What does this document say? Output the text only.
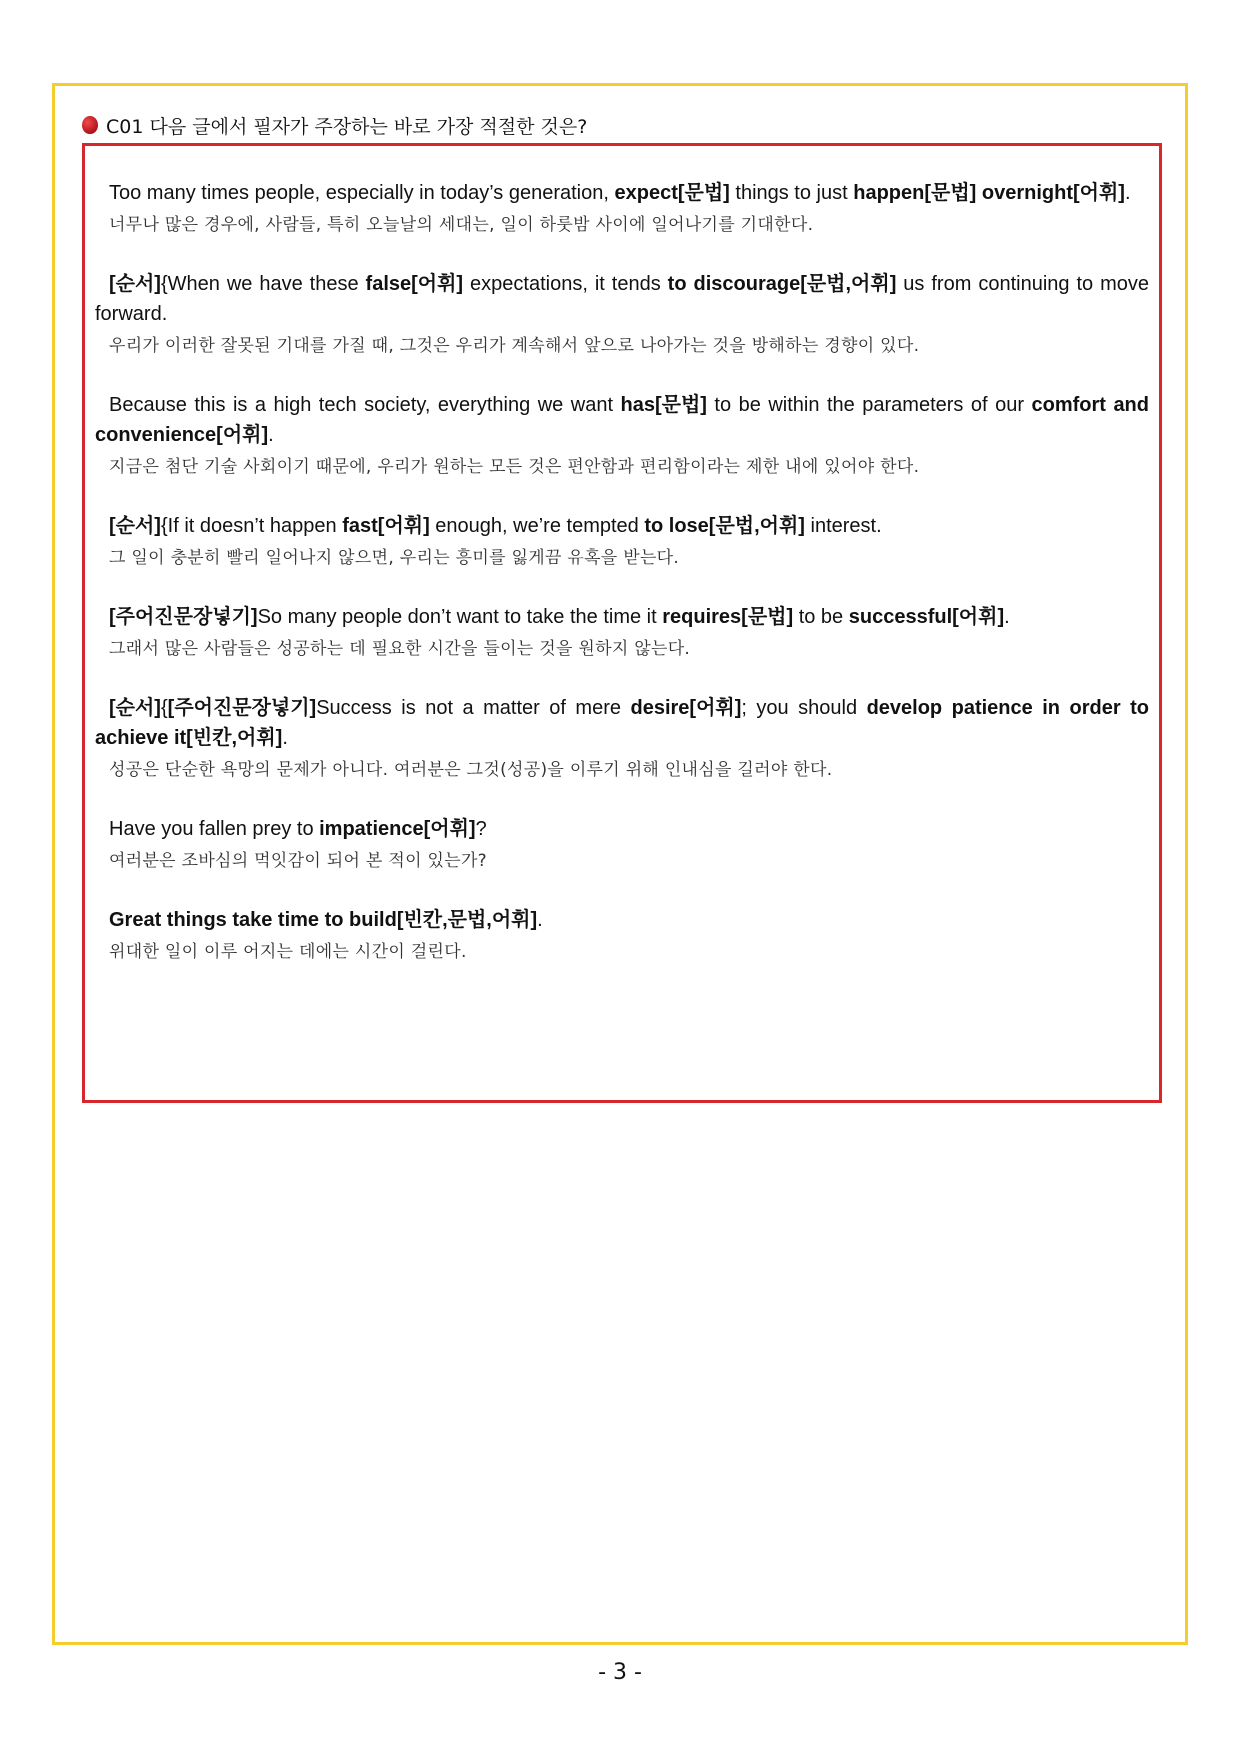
C01 다음 글에서 필자가 주장하는 바로 가장 적절한 것은?

Too many times people, especially in today’s generation, expect[문법] things to just happen[문법] overnight[어휘].

너무나 많은 경우에, 사람들, 특히 오늘날의 세대는, 일이 하룻밤 사이에 일어나기를 기대한다.

[순서]{When we have these false[어휘] expectations, it tends to discourage[문법,어휘] us from continuing to move forward.

우리가 이러한 잘못된 기대를 가질 때, 그것은 우리가 계속해서 앞으로 나아가는 것을 방해하는 경향이 있다.

Because this is a high tech society, everything we want has[문법] to be within the parameters of our comfort and convenience[어휘].

지금은 첨단 기술 사회이기 때문에, 우리가 원하는 모든 것은 편안함과 편리함이라는 제한 내에 있어야 한다.

[순서]{If it doesn’t happen fast[어휘] enough, we’re tempted to lose[문법,어휘] interest.

그 일이 충분히 빨리 일어나지 않으면, 우리는 흥미를 잃게끔 유혹을 받는다.

[주어진문장넣기]So many people don’t want to take the time it requires[문법] to be successful[어휘].

그래서 많은 사람들은 성공하는 데 필요한 시간을 들이는 것을 원하지 않는다.

[순서]{[주어진문장넣기]Success is not a matter of mere desire[어휘]; you should develop patience in order to achieve it[빈칸,어휘].

성공은 단순한 욕망의 문제가 아니다. 여러분은 그것(성공)을 이루기 위해 인내심을 길러야 한다.

Have you fallen prey to impatience[어휘]?

여러분은 조바심의 먹잇감이 되어 본 적이 있는가?

Great things take time to build[빈칸,문법,어휘].

위대한 일이 이루 어지는 데에는 시간이 걸린다.

- 3 -
